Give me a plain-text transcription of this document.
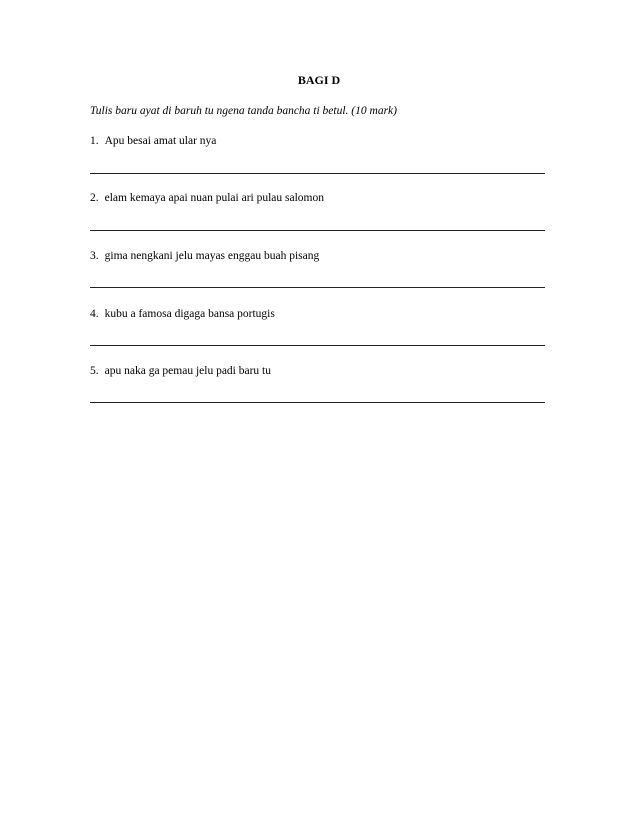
BAGI D
Tulis baru ayat di baruh tu ngena tanda bancha ti betul. (10 mark)
1. Apu besai amat ular nya
2. elam kemaya apai nuan pulai ari pulau salomon
3. gima nengkani jelu mayas enggau buah pisang
4. kubu a famosa digaga bansa portugis
5. apu naka ga pemau jelu padi baru tu
